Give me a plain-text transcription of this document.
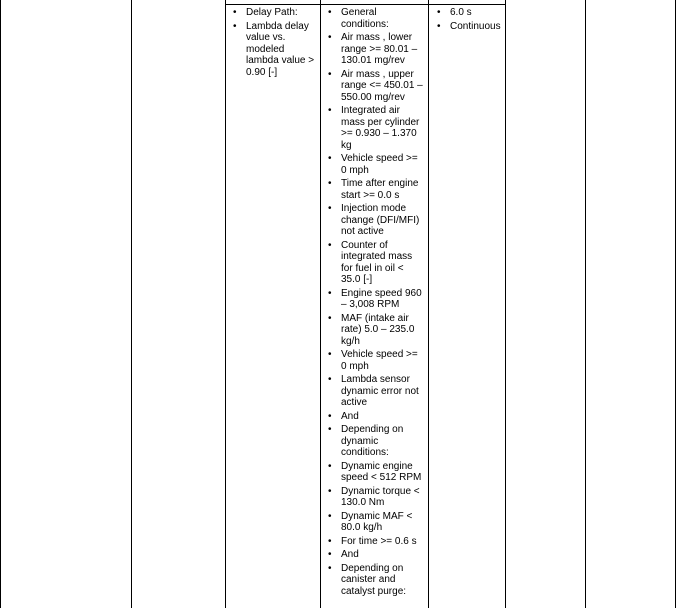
• Delay Path:
• Lambda delay value vs. modeled lambda value > 0.90 [-]
• General conditions:
• Air mass , lower range >= 80.01 – 130.01 mg/rev
• Air mass , upper range <= 450.01 – 550.00 mg/rev
• Integrated air mass per cylinder >= 0.930 – 1.370 kg
• Vehicle speed >= 0 mph
• Time after engine start >= 0.0 s
• Injection mode change (DFI/MFI) not active
• Counter of integrated mass for fuel in oil < 35.0 [-]
• Engine speed 960 – 3,008 RPM
• MAF (intake air rate) 5.0 – 235.0 kg/h
• Vehicle speed >= 0 mph
• Lambda sensor dynamic error not active
• And
• Depending on dynamic conditions:
• Dynamic engine speed < 512 RPM
• Dynamic torque < 130.0 Nm
• Dynamic MAF < 80.0 kg/h
• For time >= 0.6 s
• And
• Depending on canister and catalyst purge:
• 6.0 s
• Continuous
